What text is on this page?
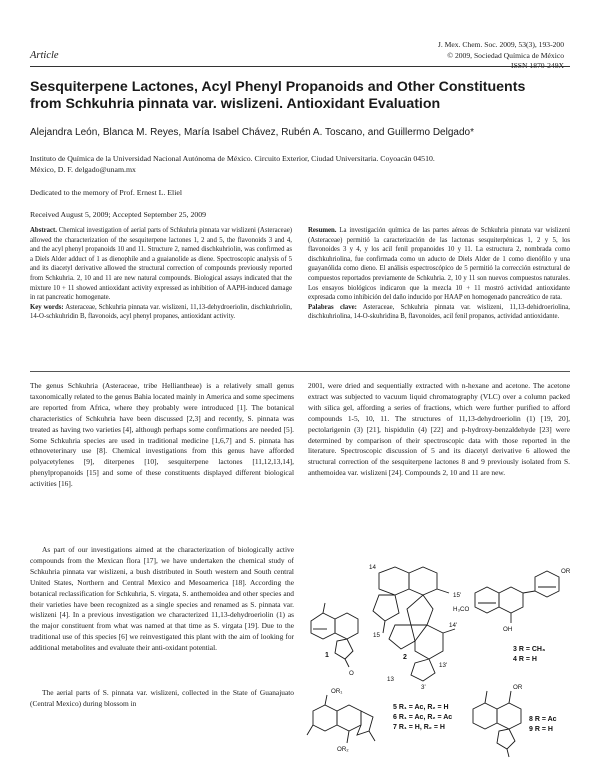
Article
J. Mex. Chem. Soc. 2009, 53(3), 193-200
© 2009, Sociedad Química de México
Sesquiterpene Lactones, Acyl Phenyl Propanoids and Other Constituents
from Schkuhria pinnata var. wislizeni. Antioxidant Evaluation
Alejandra León, Blanca M. Reyes, María Isabel Chávez, Rubén A. Toscano, and Guillermo Delgado*
Instituto de Química de la Universidad Nacional Autónoma de México. Circuito Exterior, Ciudad Universitaria. Coyoacán 04510.
México, D. F. delgado@unam.mx
Dedicated to the memory of Prof. Ernest L. Eliel
Received August 5, 2009; Accepted September 25, 2009
Abstract. Chemical investigation of aerial parts of Schkuhria pinnata var wislizeni (Asteraceae) allowed the characterization of the sesquiterpene lactones 1, 2 and 5, the flavonoids 3 and 4, and the acyl phenyl propanoids 10 and 11. Structure 2, named dischkuhriolin, was confirmed as a Diels Alder adduct of 1 as dienophile and a guaianolide as diene. Spectroscopic analysis of 5 and its diacetyl derivative allowed the structural correction of compounds previously reported from Schkuhria. 2, 10 and 11 are new natural compounds. Biological assays indicated that the mixture 10 + 11 showed antioxidant activity expressed as inhibition of AAPH-induced damage in rat pancreatic homogenate.
Key words: Asteraceae, Schkuhria pinnata var. wislizeni, 11,13-dehydroeriolin, dischkuhriolin, 14-O-schkuhridin B, flavonoids, acyl phenyl propanes, antioxidant activity.
Resumen. La investigación química de las partes aéreas de Schkuhria pinnata var wislizeni (Asteraceae) permitió la caracterización de las lactonas sesquiterpénicas 1, 2 y 5, los flavonoides 3 y 4, y los acil fenil propanoides 10 y 11. La estructura 2, nombrada como dischkuhriolina, fue confirmada como un aducto de Diels Alder de 1 como dienófilo y una guayanólida como dieno. El análisis espectroscópico de 5 permitió la corrección estructural de compuestos reportados previamente de Schkuhria. 2, 10 y 11 son nuevos compuestos naturales. Los ensayos biológicos indicaron que la mezcla 10 + 11 mostró actividad antioxidante expresada como inhibición del daño inducido por HAAP en homogenado pancreático de rata.
Palabras clave: Asteraceae, Schkuhria pinnata var. wislizeni, 11,13-dehidroeriolina, dischkuhriolina, 14-O-skuhridina B, flavonoides, acil fenil propanos, actividad antioxidante.
The genus Schkuhria (Asteraceae, tribe Helliantheae) is a relatively small genus taxonomically related to the genus Bahia located mainly in America and some specimens are reported from Africa, where they probably were introduced [1]. The botanical characteristics of Schkuhria have been discussed [2,3] and recently, S. pinnata was treated as having two varieties [4], although perhaps some confirmations are needed [5]. Some Schkuhria species are used in traditional medicine [1,6,7] and S. pinnata has ethnoveterinary use [8]. Chemical investigations from this genus have afforded polyacetylenes [9], diterpenes [10], sesquiterpene lactones [11,12,13,14], phenylpropanoids [15] and some of these constituents displayed different biological activities [16].
As part of our investigations aimed at the characterization of biologically active compounds from the Mexican flora [17], we have undertaken the chemical study of Schkuhria pinnata var wislizeni, a bush distributed in South western and South central United States, Northern and Central Mexico and Mesoamerica [18]. According the botanical reclassification for Schkuhria, S. virgata, S. anthemoidea and other species and their varieties have been recognized as a single species and renamed as S. pinnata var. wislizeni [4]. In a previous investigation we characterized 11,13-dehydroeriolin (1) as the major constituent from what was named at that time as S. virgata [19]. Due to the traditional use of this species [6] we reinvestigated this plant with the aim of looking for additional metabolites and evaluate their anti-oxidant potential.
The aerial parts of S. pinnata var. wislizeni, collected in the State of Guanajuato (Central Mexico) during blossom in
2001, were dried and sequentially extracted with n-hexane and acetone. The acetone extract was subjected to vacuum liquid chromatography (VLC) over a column packed with silica gel, affording a series of fractions, which were further purified to afford compounds 1-5, 10, 11. The structures of 11,13-dehydroeriolin (1) [19, 20], pectolarigenin (3) [21], hispidulin (4) [22] and p-hydroxy-benzaldehyde [23] were determined by comparison of their spectroscopic data with those reported in the literature. Spectroscopic discussion of 5 and its diacetyl derivative 6 allowed the structural correction of the sesquiterpene lactones 8 and 9 previously isolated from S. anthemoidea var. wislizeni [24]. Compounds 2, 10 and 11 are new.
14
15'
14'
13'
15
13
3'
O
OR
H₃CO
OH
OR₁
OR₂
OR
1	2
3 R = CH₃
4 R = H
5 R₁ = Ac, R₂ = H
6 R₁ = Ac, R₂ = Ac
7 R₁ = H, R₂ = H
8 R = Ac
9 R = H
